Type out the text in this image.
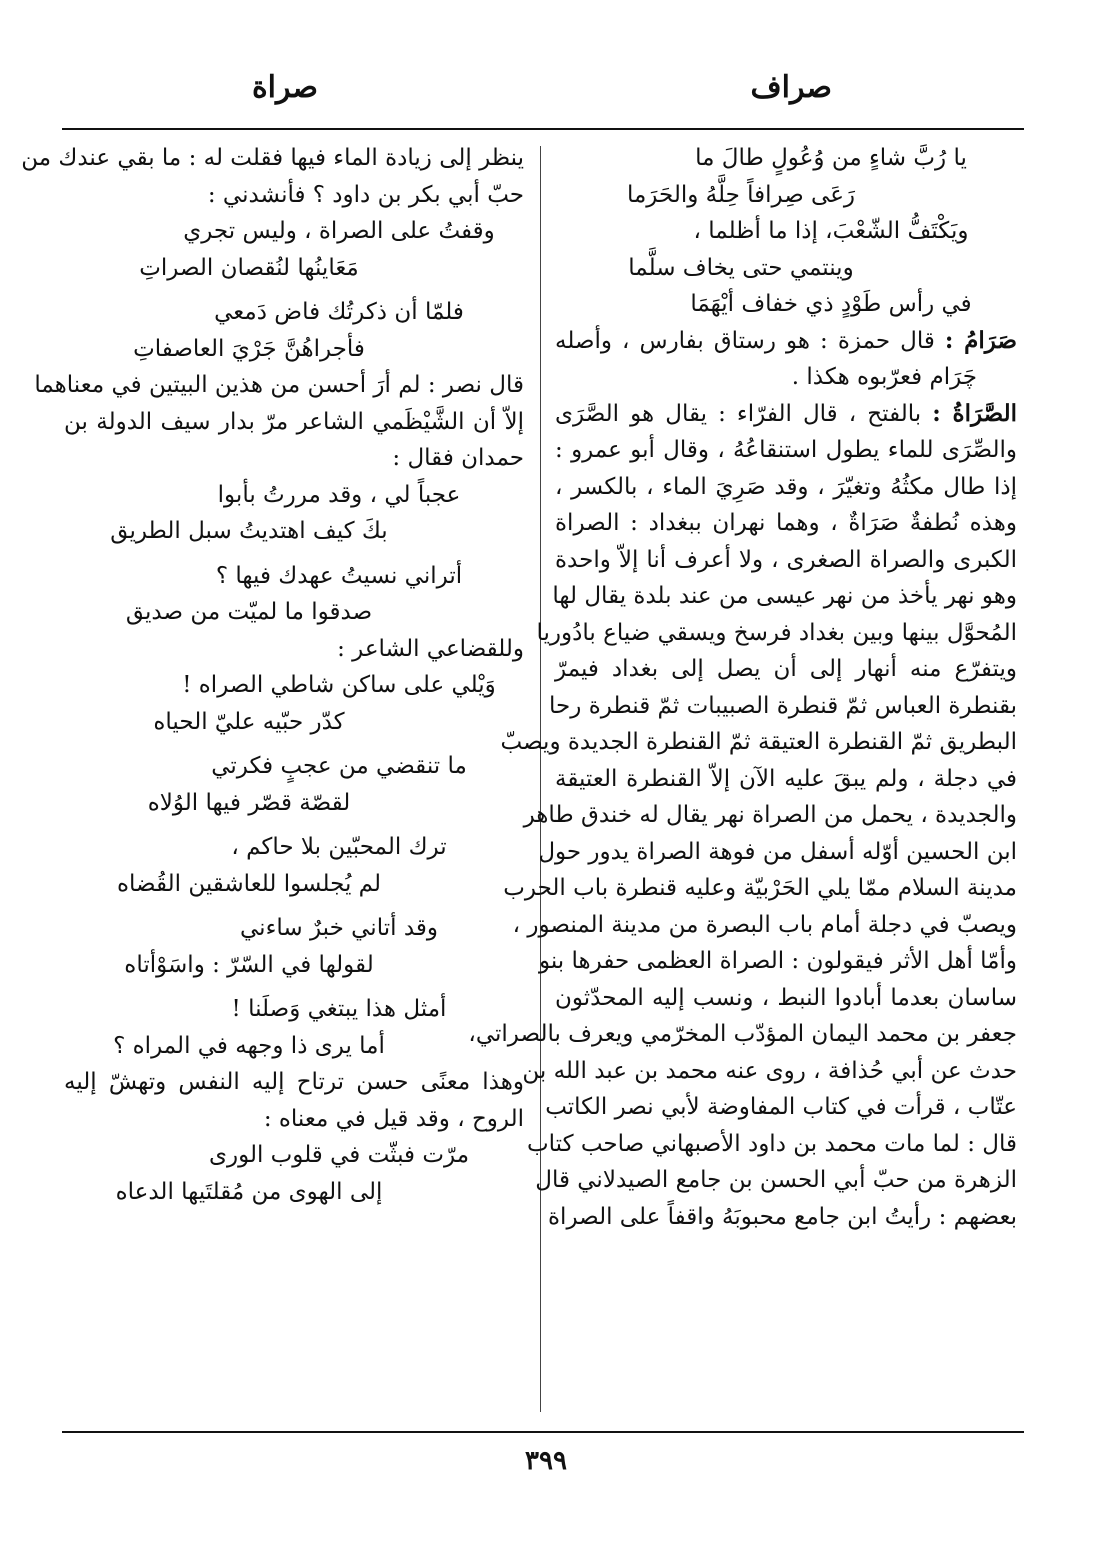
صراف
صراة
يا رُبَّ شاءٍ من وُعُولٍ طالَ ما
رَعَى صِرافاً حِلَّهُ والحَرَما
ويَكْتَفُّ الشّعْبَ، إذا ما أظلما ،
وينتمي حتى يخاف سلَّما
في رأس طَوْدٍ ذي خفاف أيْهَمَا
صَرَامُ : قال حمزة : هو رستاق بفارس ، وأصله
چَرَام فعرّبوه هكذا .
الصَّرَاةُ : بالفتح ، قال الفرّاء : يقال هو الصَّرَى
والصِّرَى للماء يطول استنقاعُهُ ، وقال أبو عمرو :
إذا طال مكثُهُ وتغيّرَ ، وقد صَرِيَ الماء ، بالكسر ،
وهذه نُطفةٌ صَرَاةٌ ، وهما نهران ببغداد : الصراة
الكبرى والصراة الصغرى ، ولا أعرف أنا إلاّ واحدة
وهو نهر يأخذ من نهر عيسى من عند بلدة يقال لها
المُحوَّل بينها وبين بغداد فرسخ ويسقي ضياع بادُوريا
ويتفرّع منه أنهار إلى أن يصل إلى بغداد فيمرّ
بقنطرة العباس ثمّ قنطرة الصبيبات ثمّ قنطرة رحا
البطريق ثمّ القنطرة العتيقة ثمّ القنطرة الجديدة ويصبّ
في دجلة ، ولم يبقَ عليه الآن إلاّ القنطرة العتيقة
والجديدة ، يحمل من الصراة نهر يقال له خندق طاهر
ابن الحسين أوّله أسفل من فوهة الصراة يدور حول
مدينة السلام ممّا يلي الحَرْبيّة وعليه قنطرة باب الحرب
ويصبّ في دجلة أمام باب البصرة من مدينة المنصور ،
وأمّا أهل الأثر فيقولون : الصراة العظمى حفرها بنو
ساسان بعدما أبادوا النبط ، ونسب إليه المحدّثون
جعفر بن محمد اليمان المؤدّب المخرّمي ويعرف بالصراتي،
حدث عن أبي حُذافة ، روى عنه محمد بن عبد الله بن
عتّاب ، قرأت في كتاب المفاوضة لأبي نصر الكاتب
قال : لما مات محمد بن داود الأصبهاني صاحب كتاب
الزهرة من حبّ أبي الحسن بن جامع الصيدلاني قال
بعضهم : رأيتُ ابن جامع محبوبَهُ واقفاً على الصراة
ينظر إلى زيادة الماء فيها فقلت له : ما بقي عندك من
حبّ أبي بكر بن داود ؟ فأنشدني :
وقفتُ على الصراة ، وليس تجري
مَعَاينُها لنُقصان الصراتِ
فلمّا أن ذكرتُك فاض دَمعي
فأجراهُنَّ جَرْيَ العاصفاتِ
قال نصر : لم أرَ أحسن من هذين البيتين في معناهما
إلاّ أن الشَّيْظَمي الشاعر مرّ بدار سيف الدولة بن
حمدان فقال :
عجباً لي ، وقد مررتُ بأبوا
بكَ كيف اهتديتُ سبل الطريق
أتراني نسيتُ عهدك فيها ؟
صدقوا ما لميّت من صديق
وللقضاعي الشاعر :
وَيْلي على ساكن شاطي الصراه !
كدّر حبّيه عليّ الحياه
ما تنقضي من عجبٍ فكرتي
لقصّة قصّر فيها الوُلاه
ترك المحبّين بلا حاكم ،
لم يُجلسوا للعاشقين القُضاه
وقد أتاني خبرٌ ساءني
لقولها في السّرّ : واسَوْأتاه
أمثل هذا يبتغي وَصلَنا !
أما يرى ذا وجهه في المراه ؟
وهذا معنًى حسن ترتاح إليه النفس وتهشّ إليه
الروح ، وقد قيل في معناه :
مرّت فبثّت في قلوب الورى
إلى الهوى من مُقلتَيها الدعاه
٣٩٩
